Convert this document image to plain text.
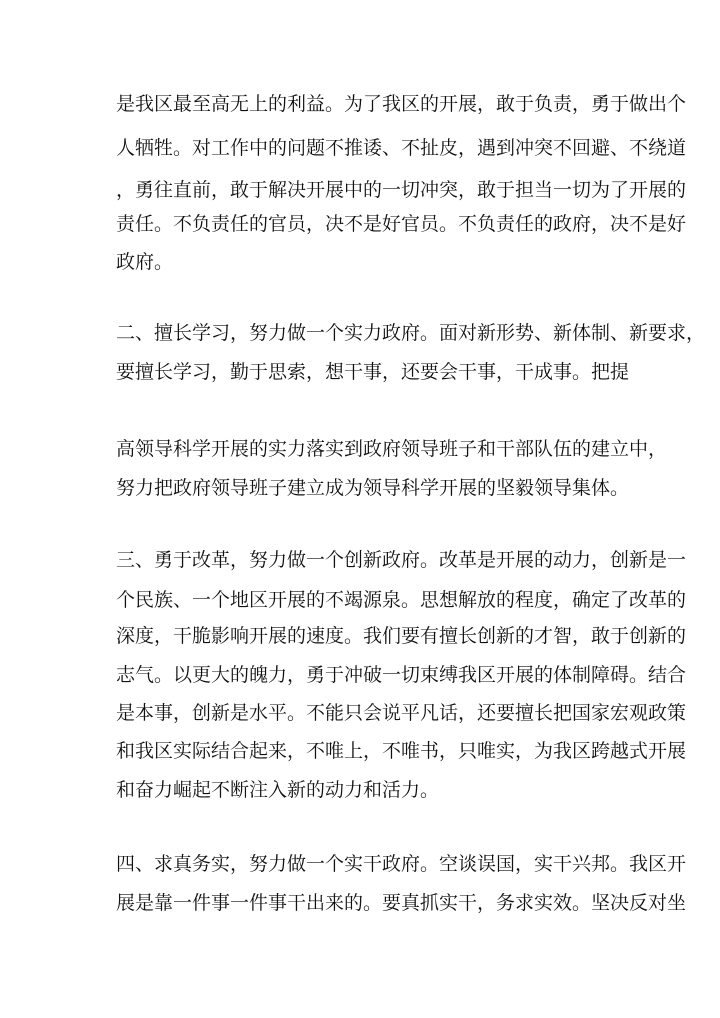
是我区最至高无上的利益。为了我区的开展，敢于负责，勇于做出个
人牺牲。对工作中的问题不推诿、不扯皮，遇到冲突不回避、不绕道
，勇往直前，敢于解决开展中的一切冲突，敢于担当一切为了开展的
责任。不负责任的官员，决不是好官员。不负责任的政府，决不是好
政府。
二、擅长学习，努力做一个实力政府。面对新形势、新体制、新要求，
要擅长学习，勤于思索，想干事，还要会干事，干成事。把提
高领导科学开展的实力落实到政府领导班子和干部队伍的建立中，
努力把政府领导班子建立成为领导科学开展的坚毅领导集体。
三、勇于改革，努力做一个创新政府。改革是开展的动力，创新是一
个民族、一个地区开展的不竭源泉。思想解放的程度，确定了改革的
深度，干脆影响开展的速度。我们要有擅长创新的才智，敢于创新的
志气。以更大的魄力，勇于冲破一切束缚我区开展的体制障碍。结合
是本事，创新是水平。不能只会说平凡话，还要擅长把国家宏观政策
和我区实际结合起来，不唯上，不唯书，只唯实，为我区跨越式开展
和奋力崛起不断注入新的动力和活力。
四、求真务实，努力做一个实干政府。空谈误国，实干兴邦。我区开
展是靠一件事一件事干出来的。要真抓实干，务求实效。坚决反对坐
